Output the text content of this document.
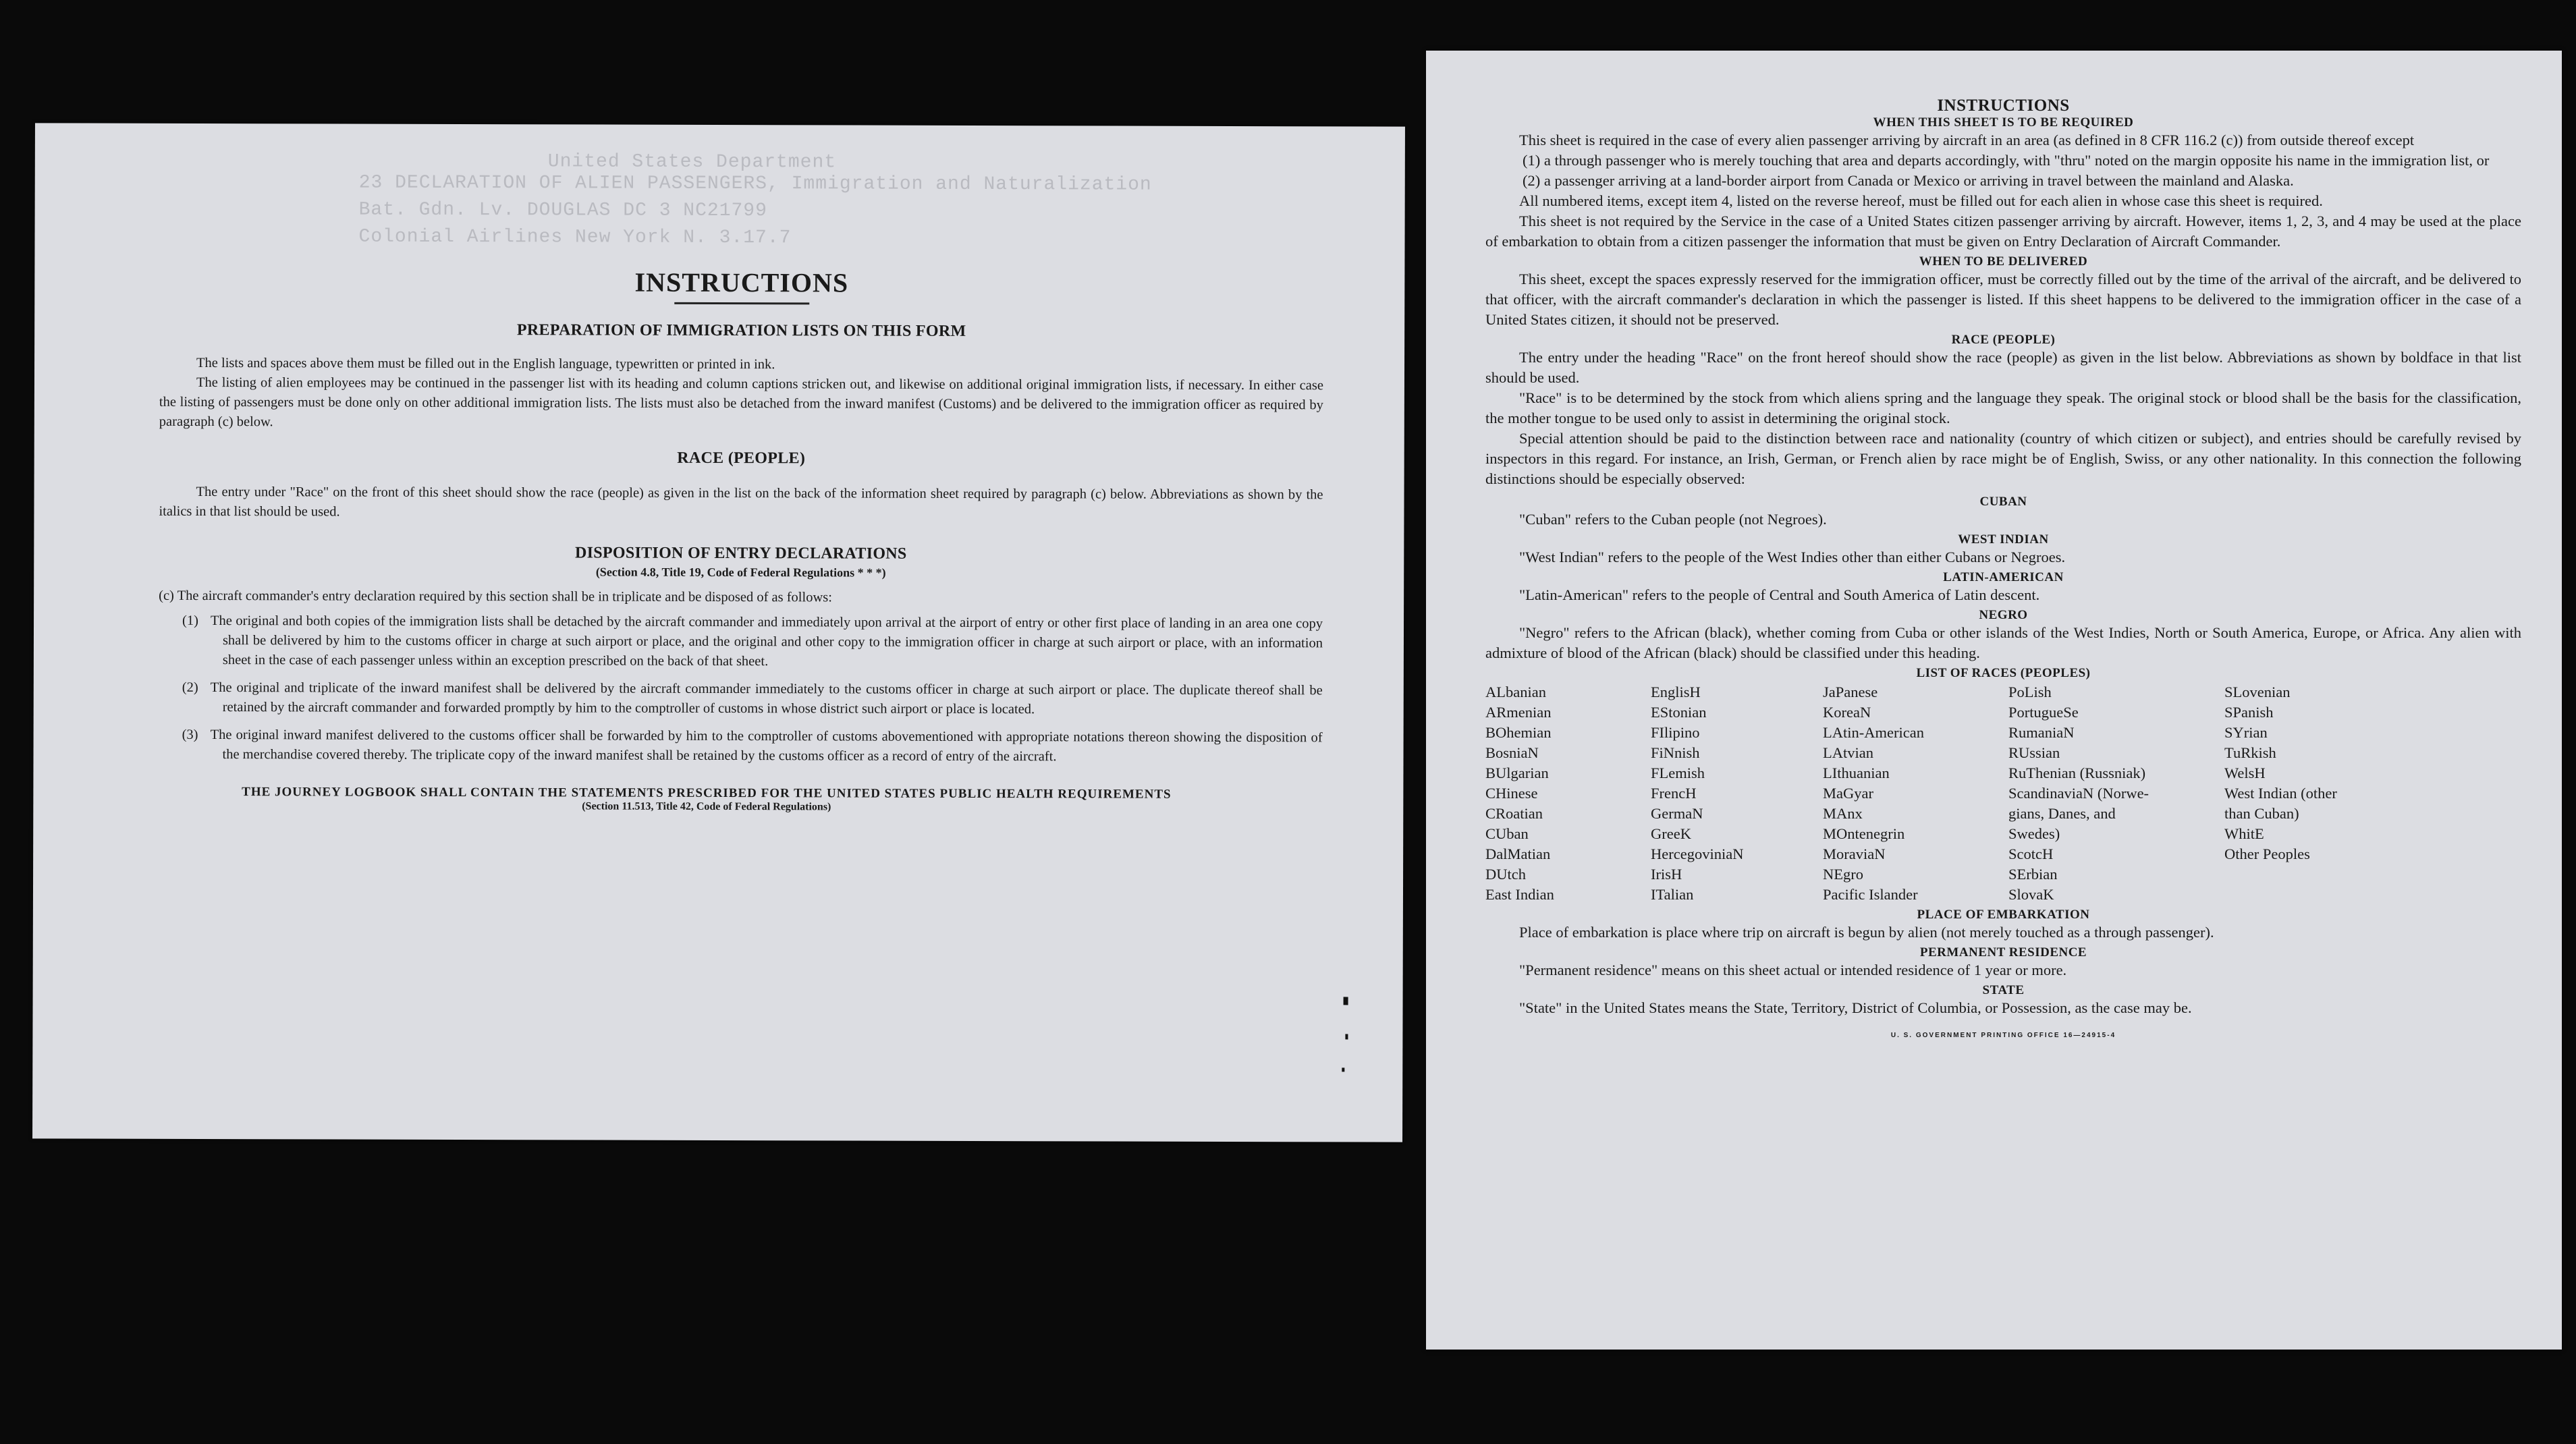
United States Department
23 DECLARATION OF ALIEN PASSENGERS, Immigration and Naturalization
Bat. Gdn. Lv. DOUGLAS DC 3 NC21799
Colonial Airlines New York N. 3.17.7
INSTRUCTIONS
PREPARATION OF IMMIGRATION LISTS ON THIS FORM

The lists and spaces above them must be filled out in the English language, typewritten or printed in ink.

The listing of alien employees may be continued in the passenger list with its heading and column captions stricken out, and likewise on additional original immigration lists, if necessary. In either case the listing of passengers must be done only on other additional immigration lists. The lists must also be detached from the inward manifest (Customs) and be delivered to the immigration officer as required by paragraph (c) below.

RACE (PEOPLE)

The entry under "Race" on the front of this sheet should show the race (people) as given in the list on the back of the information sheet required by paragraph (c) below. Abbreviations as shown by the italics in that list should be used.

DISPOSITION OF ENTRY DECLARATIONS
(Section 4.8, Title 19, Code of Federal Regulations * * *)

(c) The aircraft commander's entry declaration required by this section shall be in triplicate and be disposed of as follows:

(1) The original and both copies of the immigration lists shall be detached by the aircraft commander and immediately upon arrival at the airport of entry or other first place of landing in an area one copy shall be delivered by him to the customs officer in charge at such airport or place, and the original and other copy to the immigration officer in charge at such airport or place, with an information sheet in the case of each passenger unless within an exception prescribed on the back of that sheet.
(2) The original and triplicate of the inward manifest shall be delivered by the aircraft commander immediately to the customs officer in charge at such airport or place. The duplicate thereof shall be retained by the aircraft commander and forwarded promptly by him to the comptroller of customs in whose district such airport or place is located.
(3) The original inward manifest delivered to the customs officer shall be forwarded by him to the comptroller of customs abovementioned with appropriate notations thereon showing the disposition of the merchandise covered thereby. The triplicate copy of the inward manifest shall be retained by the customs officer as a record of entry of the aircraft.
THE JOURNEY LOGBOOK SHALL CONTAIN THE STATEMENTS PRESCRIBED FOR THE UNITED STATES PUBLIC HEALTH REQUIREMENTS
(Section 11.513, Title 42, Code of Federal Regulations)
INSTRUCTIONS
WHEN THIS SHEET IS TO BE REQUIRED

This sheet is required in the case of every alien passenger arriving by aircraft in an area (as defined in 8 CFR 116.2 (c)) from outside thereof except

(1) a through passenger who is merely touching that area and departs accordingly, with "thru" noted on the margin opposite his name in the immigration list, or

(2) a passenger arriving at a land-border airport from Canada or Mexico or arriving in travel between the mainland and Alaska.

All numbered items, except item 4, listed on the reverse hereof, must be filled out for each alien in whose case this sheet is required.

This sheet is not required by the Service in the case of a United States citizen passenger arriving by aircraft. However, items 1, 2, 3, and 4 may be used at the place of embarkation to obtain from a citizen passenger the information that must be given on Entry Declaration of Aircraft Commander.

WHEN TO BE DELIVERED

This sheet, except the spaces expressly reserved for the immigration officer, must be correctly filled out by the time of the arrival of the aircraft, and be delivered to that officer, with the aircraft commander's declaration in which the passenger is listed. If this sheet happens to be delivered to the immigration officer in the case of a United States citizen, it should not be preserved.

RACE (PEOPLE)

The entry under the heading "Race" on the front hereof should show the race (people) as given in the list below. Abbreviations as shown by boldface in that list should be used.

"Race" is to be determined by the stock from which aliens spring and the language they speak. The original stock or blood shall be the basis for the classification, the mother tongue to be used only to assist in determining the original stock.

Special attention should be paid to the distinction between race and nationality (country of which citizen or subject), and entries should be carefully revised by inspectors in this regard. For instance, an Irish, German, or French alien by race might be of English, Swiss, or any other nationality. In this connection the following distinctions should be especially observed:

CUBAN

"Cuban" refers to the Cuban people (not Negroes).

WEST INDIAN

"West Indian" refers to the people of the West Indies other than either Cubans or Negroes.

LATIN-AMERICAN

"Latin-American" refers to the people of Central and South America of Latin descent.

NEGRO

"Negro" refers to the African (black), whether coming from Cuba or other islands of the West Indies, North or South America, Europe, or Africa. Any alien with admixture of blood of the African (black) should be classified under this heading.

LIST OF RACES (PEOPLES)
ALbanian
ARmenian
BOhemian
BosniaN
BUlgarian
CHinese
CRoatian
CUban
DalMatian
DUtch
East Indian
EnglisH
EStonian
FIlipino
FiNnish
FLemish
FrencH
GermaN
GreeK
HercegoviniaN
IrisH
ITalian
JaPanese
KoreaN
LAtin-American
LAtvian
LIthuanian
MaGyar
MAnx
MOntenegrin
MoraviaN
NEgro
Pacific Islander
PoLish
PortugueSe
RumaniaN
RUssian
RuThenian (Russniak)
ScandinaviaN (Norwe-
gians, Danes, and
Swedes)
ScotcH
SErbian
SlovaK
SLovenian
SPanish
SYrian
TuRkish
WelsH
West Indian (other
than Cuban)
WhitE
Other Peoples
PLACE OF EMBARKATION

Place of embarkation is place where trip on aircraft is begun by alien (not merely touched as a through passenger).

PERMANENT RESIDENCE

"Permanent residence" means on this sheet actual or intended residence of 1 year or more.

STATE

"State" in the United States means the State, Territory, District of Columbia, or Possession, as the case may be.

U. S. GOVERNMENT PRINTING OFFICE 16—24915-4
